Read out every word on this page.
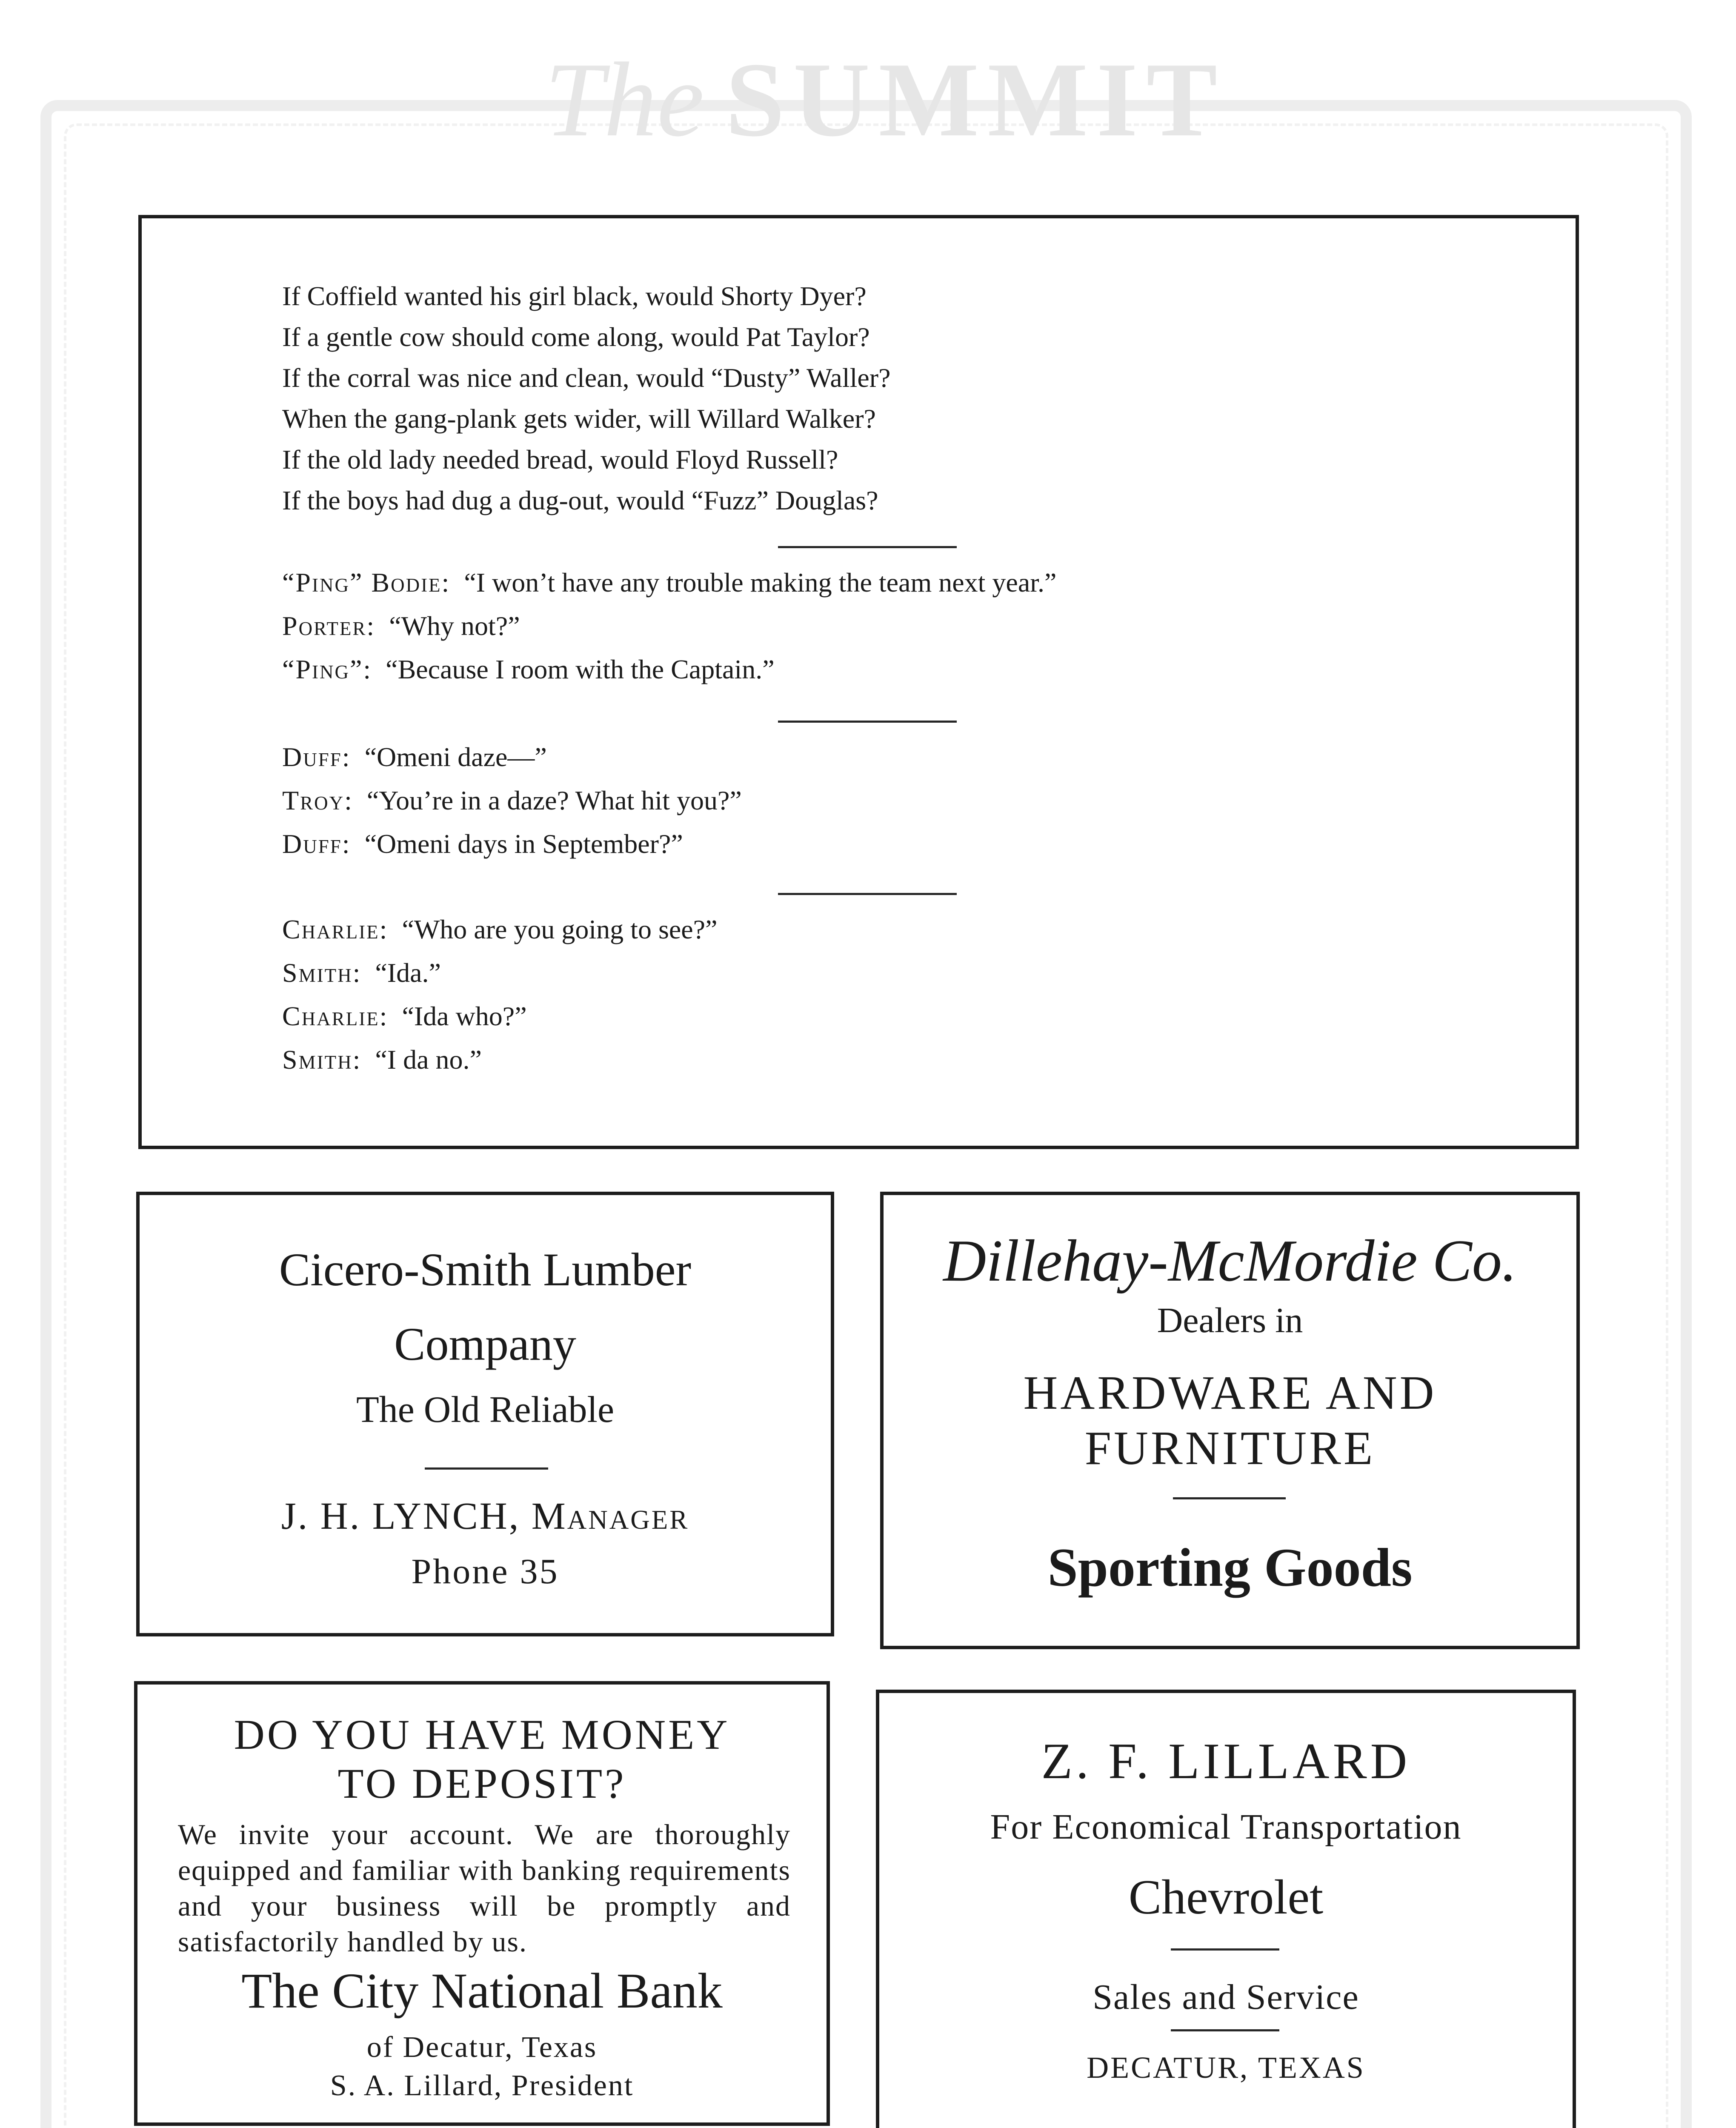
The SUMMIT
If Coffield wanted his girl black, would Shorty Dyer?
If a gentle cow should come along, would Pat Taylor?
If the corral was nice and clean, would “Dusty” Waller?
When the gang-plank gets wider, will Willard Walker?
If the old lady needed bread, would Floyd Russell?
If the boys had dug a dug-out, would “Fuzz” Douglas?
“Ping” Bodie: “I won’t have any trouble making the team next year.”
Porter: “Why not?”
“Ping”: “Because I room with the Captain.”
Duff: “Omeni daze—”
Troy: “You’re in a daze? What hit you?”
Duff: “Omeni days in September?”
Charlie: “Who are you going to see?”
Smith: “Ida.”
Charlie: “Ida who?”
Smith: “I da no.”
Cicero-Smith Lumber
Company
The Old Reliable
J. H. LYNCH, Manager
Phone 35
Dillehay-McMordie Co.
Dealers in
HARDWARE AND
FURNITURE
Sporting Goods
DO YOU HAVE MONEY
TO DEPOSIT?
We invite your account. We are thoroughly equipped and familiar with banking requirements and your business will be promptly and satisfactorily handled by us.
The City National Bank
of Decatur, Texas
S. A. Lillard, President
Z. F. LILLARD
For Economical Transportation
Chevrolet
Sales and Service
DECATUR, TEXAS
